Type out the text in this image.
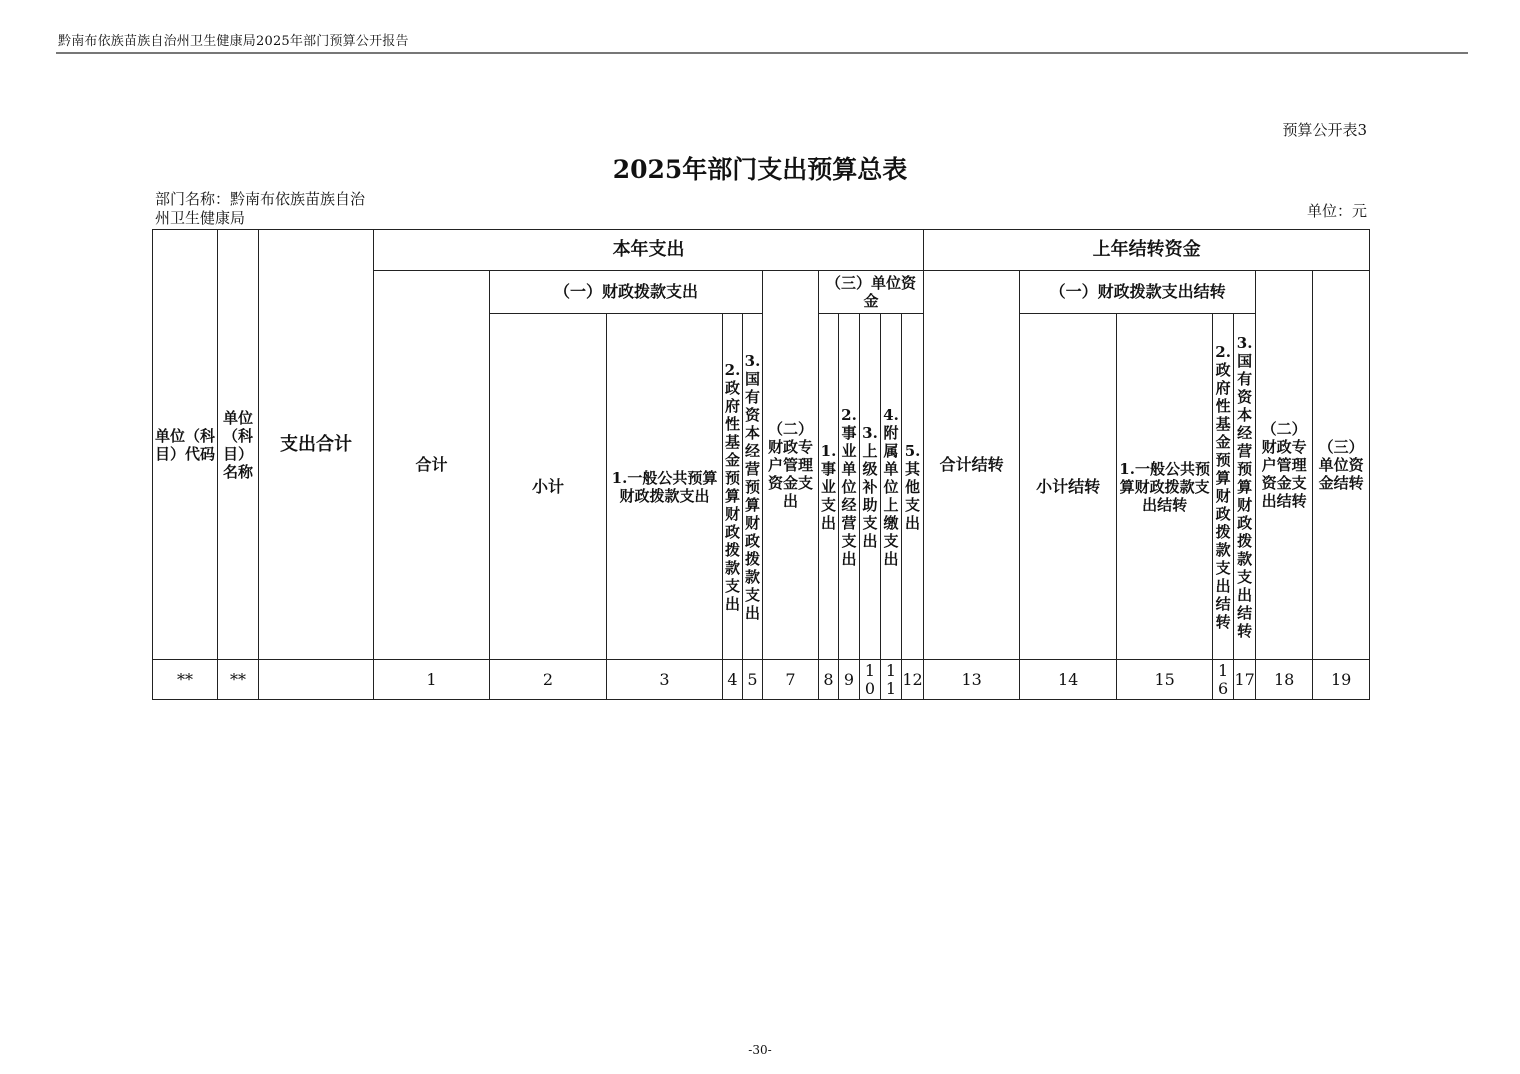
黔南布依族苗族自治州卫生健康局2025年部门预算公开报告
预算公开表3
2025年部门支出预算总表
部门名称：黔南布依族苗族自治州卫生健康局	单位：元
单位（科目）代码	单位（科目）名称	支出合计	本年支出											上年结转资金						
			合计	（一）财政拨款支出				（二）财政专户管理资金支出	（三）单位资金					合计结转	（一）财政拨款支出结转				（二）财政专户管理资金支出结转	（三）单位资金结转
				小计	1.一般公共预算财政拨款支出	2.政府性基金预算财政拨款支出	3.国有资本经营预算财政拨款支出		1.事业支出	2.事业单位经营支出	3.上级补助支出	4.附属单位上缴支出	5.其他支出		小计结转	1.一般公共预算财政拨款支出结转	2.政府性基金预算财政拨款支出结转	3.国有资本经营预算财政拨款支出结转		
**	**		1	2	3	4	5	7	8	9	10	11	12	13	14	15	16	17	18	19
-30-
